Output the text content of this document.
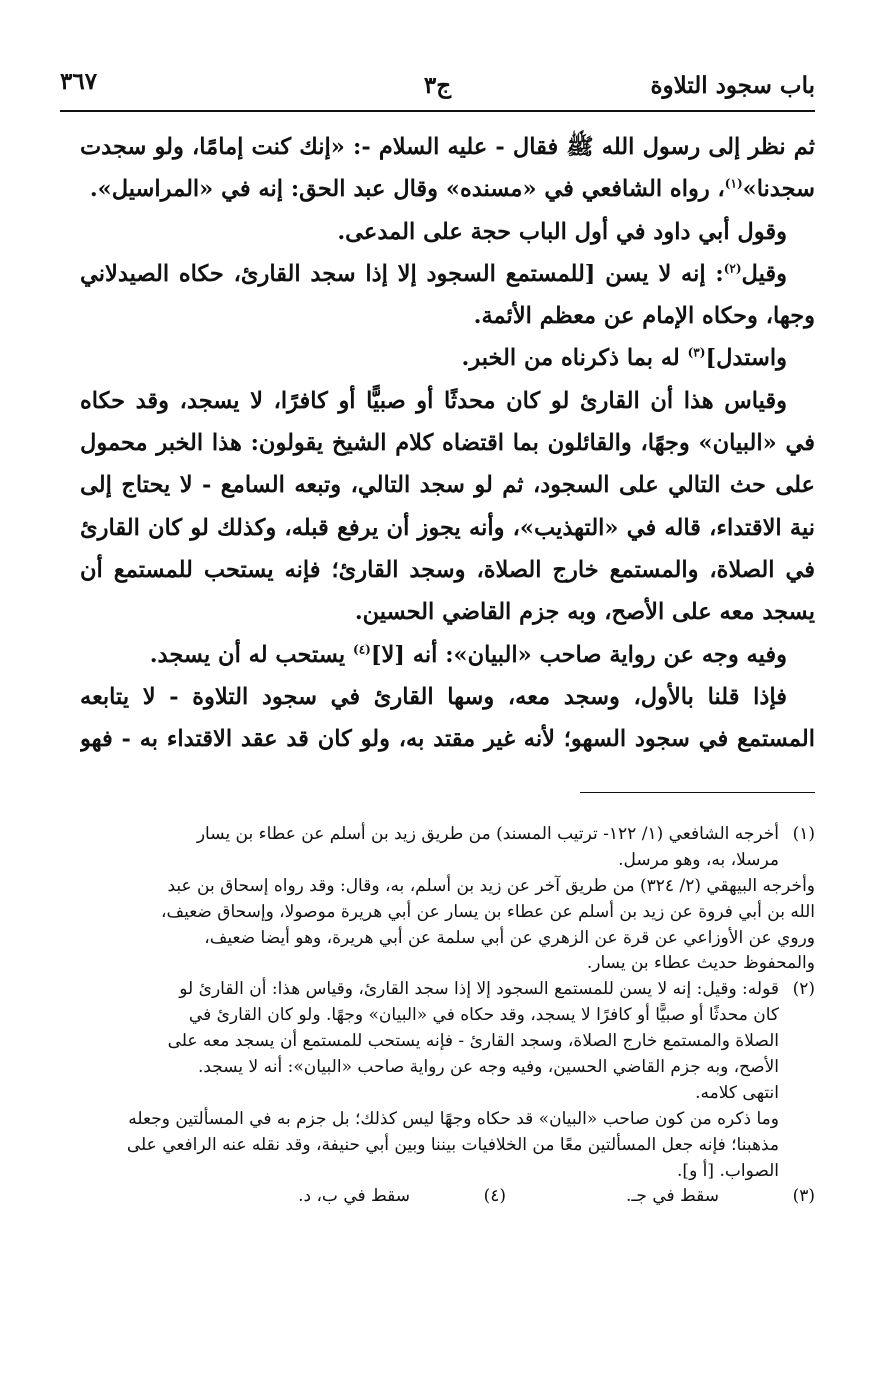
باب سجود التلاوة
ج٣
٣٦٧
ثم نظر إلى رسول الله ﷺ فقال - عليه السلام -: «إنك كنت إمامًا، ولو سجدت
سجدنا»$^{(١)}$، رواه الشافعي في «مسنده» وقال عبد الحق: إنه في «المراسيل».
وقول أبي داود في أول الباب حجة على المدعى.
وقيل$^{(٢)}$: إنه لا يسن [للمستمع السجود إلا إذا سجد القارئ، حكاه الصيدلاني
وجها، وحكاه الإمام عن معظم الأئمة.
واستدل]$^{(٣)}$ له بما ذكرناه من الخبر.
وقياس هذا أن القارئ لو كان محدثًا أو صبيًّا أو كافرًا، لا يسجد، وقد حكاه
في «البيان» وجهًا، والقائلون بما اقتضاه كلام الشيخ يقولون: هذا الخبر محمول
على حث التالي على السجود، ثم لو سجد التالي، وتبعه السامع - لا يحتاج إلى
نية الاقتداء، قاله في «التهذيب»، وأنه يجوز أن يرفع قبله، وكذلك لو كان القارئ
في الصلاة، والمستمع خارج الصلاة، وسجد القارئ؛ فإنه يستحب للمستمع أن
يسجد معه على الأصح، وبه جزم القاضي الحسين.
وفيه وجه عن رواية صاحب «البيان»: أنه [لا]$^{(٤)}$ يستحب له أن يسجد.
فإذا قلنا بالأول، وسجد معه، وسها القارئ في سجود التلاوة - لا يتابعه
المستمع في سجود السهو؛ لأنه غير مقتد به، ولو كان قد عقد الاقتداء به - فهو
(١)أخرجه الشافعي (١/ ١٢٢- ترتيب المسند) من طريق زيد بن أسلم عن عطاء بن يسار
مرسلا، به، وهو مرسل.
وأخرجه البيهقي (٢/ ٣٢٤) من طريق آخر عن زيد بن أسلم، به، وقال: وقد رواه إسحاق بن عبد
الله بن أبي فروة عن زيد بن أسلم عن عطاء بن يسار عن أبي هريرة موصولا، وإسحاق ضعيف،
وروي عن الأوزاعي عن قرة عن الزهري عن أبي سلمة عن أبي هريرة، وهو أيضا ضعيف،
والمحفوظ حديث عطاء بن يسار.
(٢)قوله: وقيل: إنه لا يسن للمستمع السجود إلا إذا سجد القارئ، وقياس هذا: أن القارئ لو
كان محدثًا أو صبيًّا أو كافرًا لا يسجد، وقد حكاه في «البيان» وجهًا. ولو كان القارئ في
الصلاة والمستمع خارج الصلاة، وسجد القارئ - فإنه يستحب للمستمع أن يسجد معه على
الأصح، وبه جزم القاضي الحسين، وفيه وجه عن رواية صاحب «البيان»: أنه لا يسجد.
انتهى كلامه.
وما ذكره من كون صاحب «البيان» قد حكاه وجهًا ليس كذلك؛ بل جزم به في المسألتين وجعله
مذهبنا؛ فإنه جعل المسألتين معًا من الخلافيات بيننا وبين أبي حنيفة، وقد نقله عنه الرافعي على
الصواب. [أ و].
(٣)سقط في جـ.
(٤)سقط في ب، د.
